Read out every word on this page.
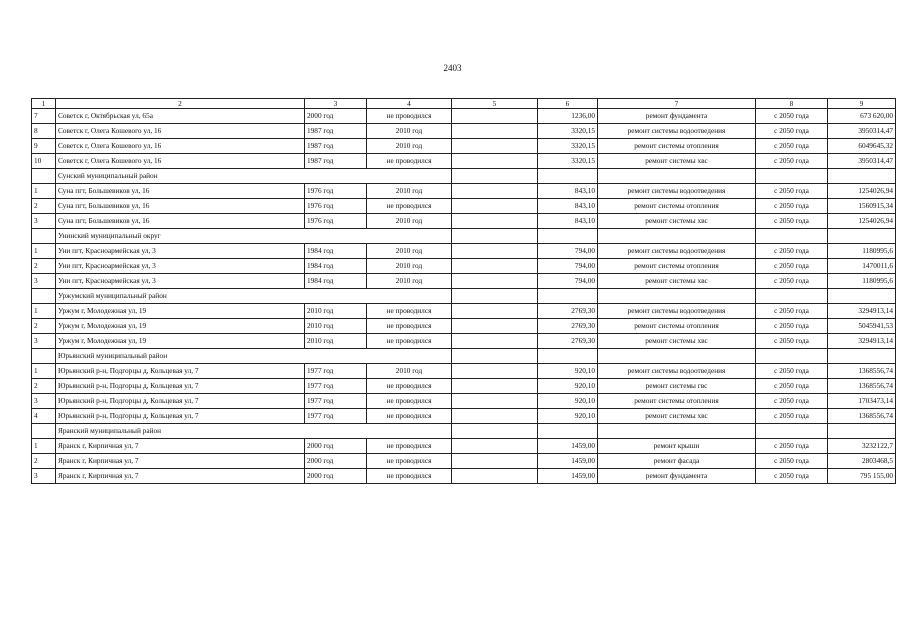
2403
1	2	3	4	5	6	7	8	9
7	Советск г, Октябрьская ул, 65а	2000 год	не проводился		1236,00	ремонт фундамента	с 2050 года	673 620,00
8	Советск г, Олега Кошевого ул, 16	1987 год	2010 год		3320,15	ремонт системы водоотведения	с 2050 года	3950314,47
9	Советск г, Олега Кошевого ул, 16	1987 год	2010 год		3320,15	ремонт системы отопления	с 2050 года	6049645,32
10	Советск г, Олега Кошевого ул, 16	1987 год	не проводился		3320,15	ремонт системы хвс	с 2050 года	3950314,47
	Сунский муниципальный район							
1	Суна пгт, Большевиков ул, 16	1976 год	2010 год		843,10	ремонт системы водоотведения	с 2050 года	1254026,94
2	Суна пгт, Большевиков ул, 16	1976 год	не проводился		843,10	ремонт системы отопления	с 2050 года	1560915,34
3	Суна пгт, Большевиков ул, 16	1976 год	2010 год		843,10	ремонт системы хвс	с 2050 года	1254026,94
	Унинский муниципальный округ							
1	Уни пгт, Красноармейская ул, 3	1984 год	2010 год		794,00	ремонт системы водоотведения	с 2050 года	1180995,6
2	Уни пгт, Красноармейская ул, 3	1984 год	2010 год		794,00	ремонт системы отопления	с 2050 года	1470011,6
3	Уни пгт, Красноармейская ул, 3	1984 год	2010 год		794,00	ремонт системы хвс	с 2050 года	1180995,6
	Уржумский муниципальный район							
1	Уржум г, Молодежная ул, 19	2010 год	не проводился		2769,30	ремонт системы водоотведения	с 2050 года	3294913,14
2	Уржум г, Молодежная ул, 19	2010 год	не проводился		2769,30	ремонт системы отопления	с 2050 года	5045941,53
3	Уржум г, Молодежная ул, 19	2010 год	не проводился		2769,30	ремонт системы хвс	с 2050 года	3294913,14
	Юрьянский муниципальный район							
1	Юрьянский р-н, Подгорцы д, Кольцевая ул, 7	1977 год	2010 год		920,10	ремонт системы водоотведения	с 2050 года	1368556,74
2	Юрьянский р-н, Подгорцы д, Кольцевая ул, 7	1977 год	не проводился		920,10	ремонт системы гвс	с 2050 года	1368556,74
3	Юрьянский р-н, Подгорцы д, Кольцевая ул, 7	1977 год	не проводился		920,10	ремонт системы отопления	с 2050 года	1703473,14
4	Юрьянский р-н, Подгорцы д, Кольцевая ул, 7	1977 год	не проводился		920,10	ремонт системы хвс	с 2050 года	1368556,74
	Яранский муниципальный район							
1	Яранск г, Кирпичная ул, 7	2000 год	не проводился		1459,00	ремонт крыши	с 2050 года	3232122,7
2	Яранск г, Кирпичная ул, 7	2000 год	не проводился		1459,00	ремонт фасада	с 2050 года	2803468,5
3	Яранск г, Кирпичная ул, 7	2000 год	не проводился		1459,00	ремонт фундамента	с 2050 года	795 155,00
